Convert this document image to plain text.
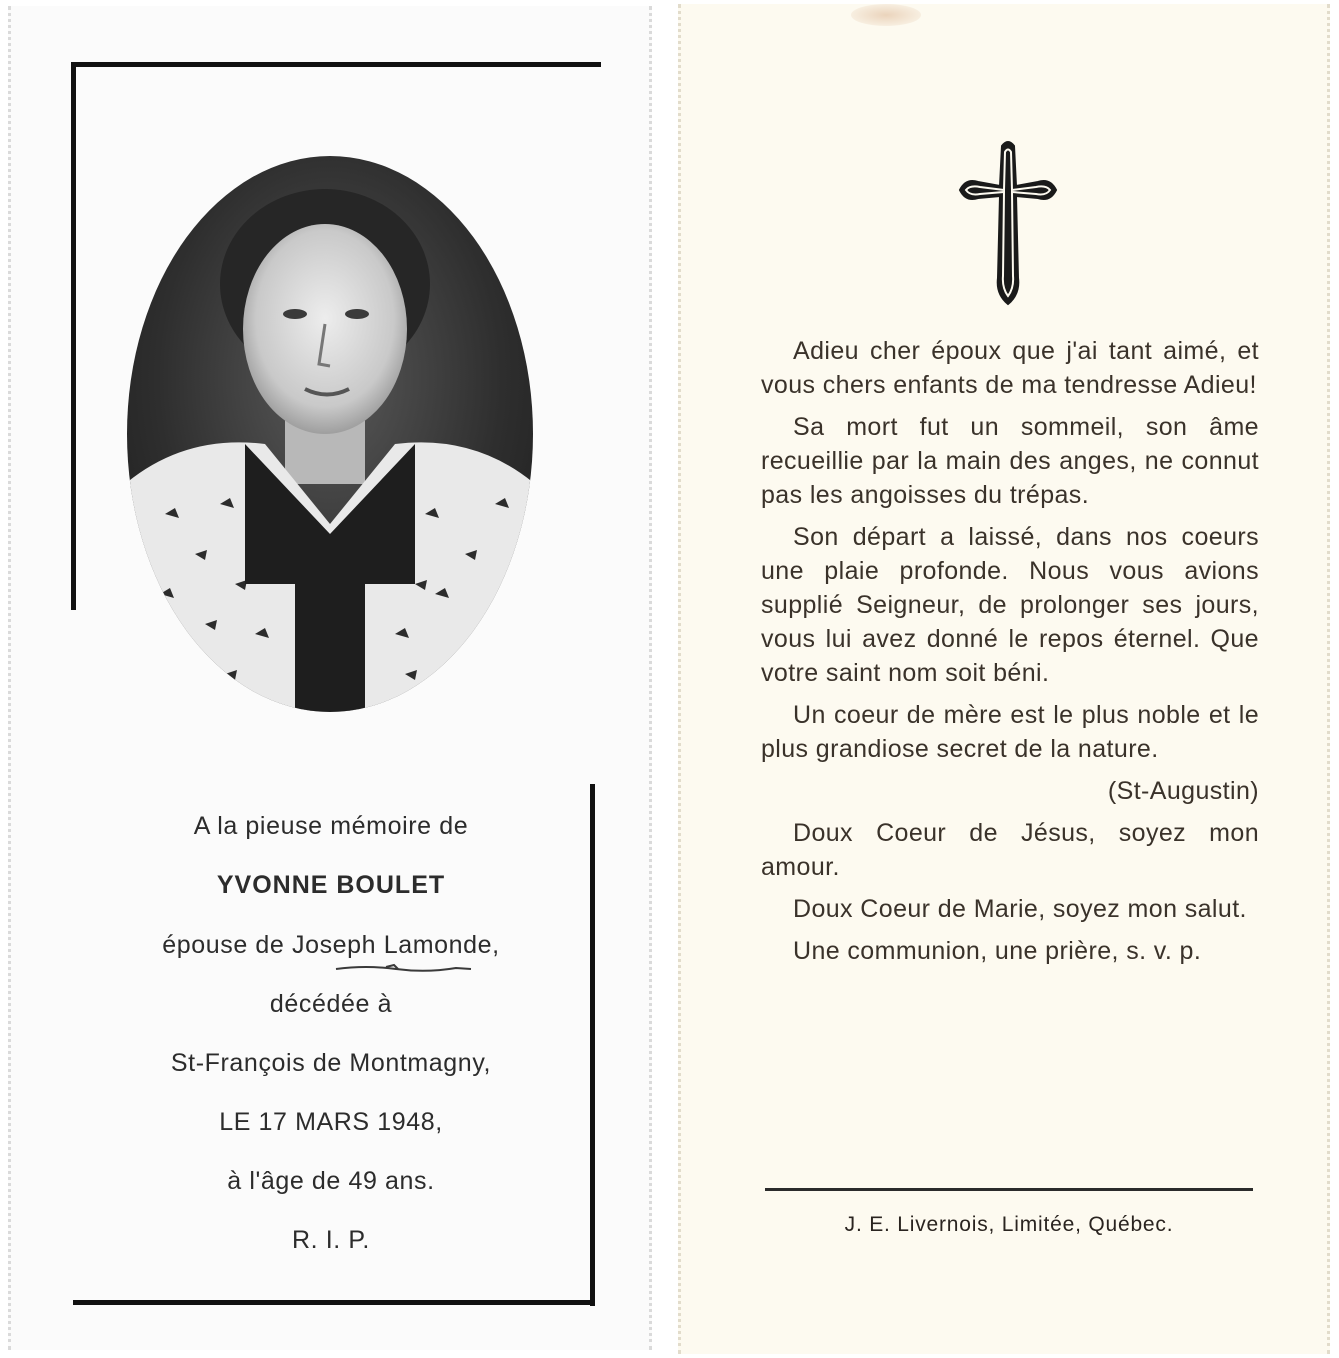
A la pieuse mémoire de
YVONNE BOULET
épouse de Joseph Lamonde,
décédée à
St-François de Montmagny,
LE 17 MARS 1948,
à l'âge de 49 ans.
R. I. P.

Adieu cher époux que j'ai tant aimé, et vous chers enfants de ma tendresse Adieu!

Sa mort fut un sommeil, son âme recueillie par la main des anges, ne connut pas les angoisses du trépas.

Son départ a laissé, dans nos coeurs une plaie profonde. Nous vous avions supplié Seigneur, de prolonger ses jours, vous lui avez donné le repos éternel. Que votre saint nom soit béni.

Un coeur de mère est le plus noble et le plus grandiose secret de la nature.

(St-Augustin)

Doux Coeur de Jésus, soyez mon amour.

Doux Coeur de Marie, soyez mon salut.

Une communion, une prière, s. v. p.

J. E. Livernois, Limitée, Québec.
